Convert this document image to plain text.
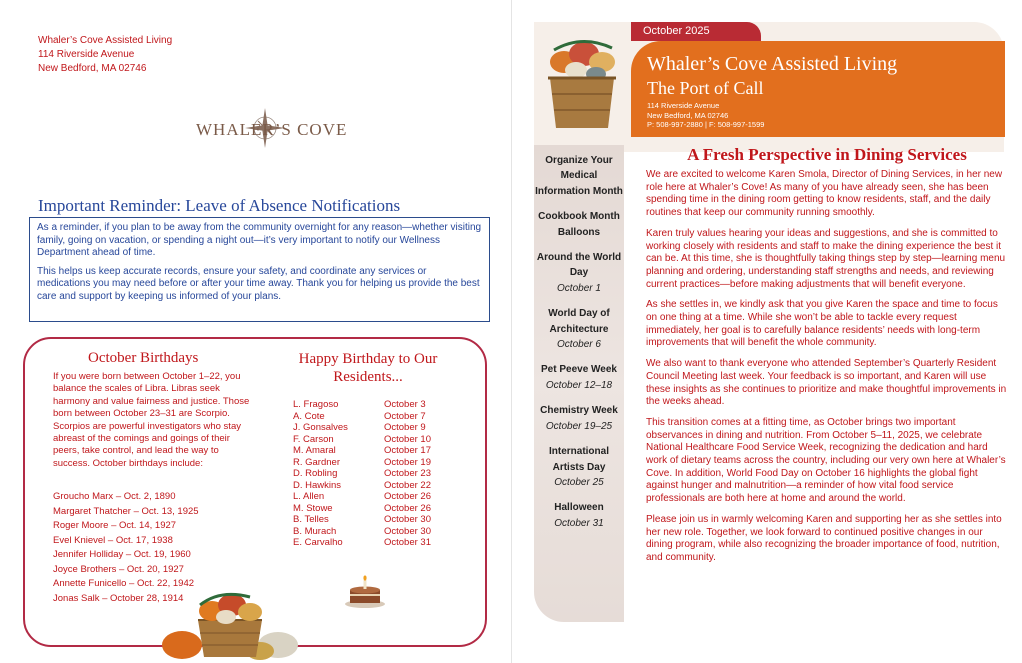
Whaler’s Cove Assisted Living
114 Riverside Avenue
New Bedford, MA 02746
WHALER’S COVE
Important Reminder: Leave of Absence Notifications

As a reminder, if you plan to be away from the community overnight for any reason—whether visiting family, going on vacation, or spending a night out—it’s very important to notify our Wellness Department ahead of time.

This helps us keep accurate records, ensure your safety, and coordinate any services or medications you may need before or after your time away. Thank you for helping us provide the best care and support by keeping us informed of your plans.

October Birthdays
If you were born between October 1–22, you balance the scales of Libra. Libras seek harmony and value fairness and justice. Those born between October 23–31 are Scorpio. Scorpios are powerful investigators who stay abreast of the comings and goings of their peers, take control, and lead the way to success. October birthdays include:
Groucho Marx – Oct. 2, 1890
Margaret Thatcher – Oct. 13, 1925
Roger Moore – Oct. 14, 1927
Evel Knievel – Oct. 17, 1938
Jennifer Holliday – Oct. 19, 1960
Joyce Brothers – Oct. 20, 1927
Annette Funicello – Oct. 22, 1942
Jonas Salk – October 28, 1914
Happy Birthday to Our Residents...
L. Fragoso
A. Cote
J. Gonsalves
F. Carson
M. Amaral
R. Gardner
D. Robling
D. Hawkins
L. Allen
M. Stowe
B. Telles
B. Murach
E. Carvalho
October 3
October 7
October 9
October 10
October 17
October 19
October 23
October 22
October 26
October 26
October 30
October 30
October 31
October 2025
Whaler’s Cove Assisted Living
The Port of Call
114 Riverside Avenue
New Bedford, MA 02746
P: 508-997-2880 | F: 508-997-1599
Organize Your Medical Information Month
Cookbook Month Balloons
Around the World Day
October 1
World Day of Architecture
October 6
Pet Peeve Week
October 12–18
Chemistry Week
October 19–25
International Artists Day
October 25
Halloween
October 31
A Fresh Perspective in Dining Services

We are excited to welcome Karen Smola, Director of Dining Services, in her new role here at Whaler’s Cove! As many of you have already seen, she has been spending time in the dining room getting to know residents, staff, and the daily routines that keep our community running smoothly.

Karen truly values hearing your ideas and suggestions, and she is committed to working closely with residents and staff to make the dining experience the best it can be. At this time, she is thoughtfully taking things step by step—learning menu planning and ordering, understanding staff strengths and needs, and reviewing current practices—before making adjustments that will benefit everyone.

As she settles in, we kindly ask that you give Karen the space and time to focus on one thing at a time. While she won’t be able to tackle every request immediately, her goal is to carefully balance residents’ needs with long-term improvements that will benefit the whole community.

We also want to thank everyone who attended September’s Quarterly Resident Council Meeting last week. Your feedback is so important, and Karen will use these insights as she continues to prioritize and make thoughtful improvements in the weeks ahead.

This transition comes at a fitting time, as October brings two important observances in dining and nutrition. From October 5–11, 2025, we celebrate National Healthcare Food Service Week, recognizing the dedication and hard work of dietary teams across the country, including our very own here at Whaler’s Cove. In addition, World Food Day on October 16 highlights the global fight against hunger and malnutrition—a reminder of how vital food service professionals are both here at home and around the world.

Please join us in warmly welcoming Karen and supporting her as she settles into her new role. Together, we look forward to continued positive changes in our dining program, while also recognizing the broader importance of food, nutrition, and community.
